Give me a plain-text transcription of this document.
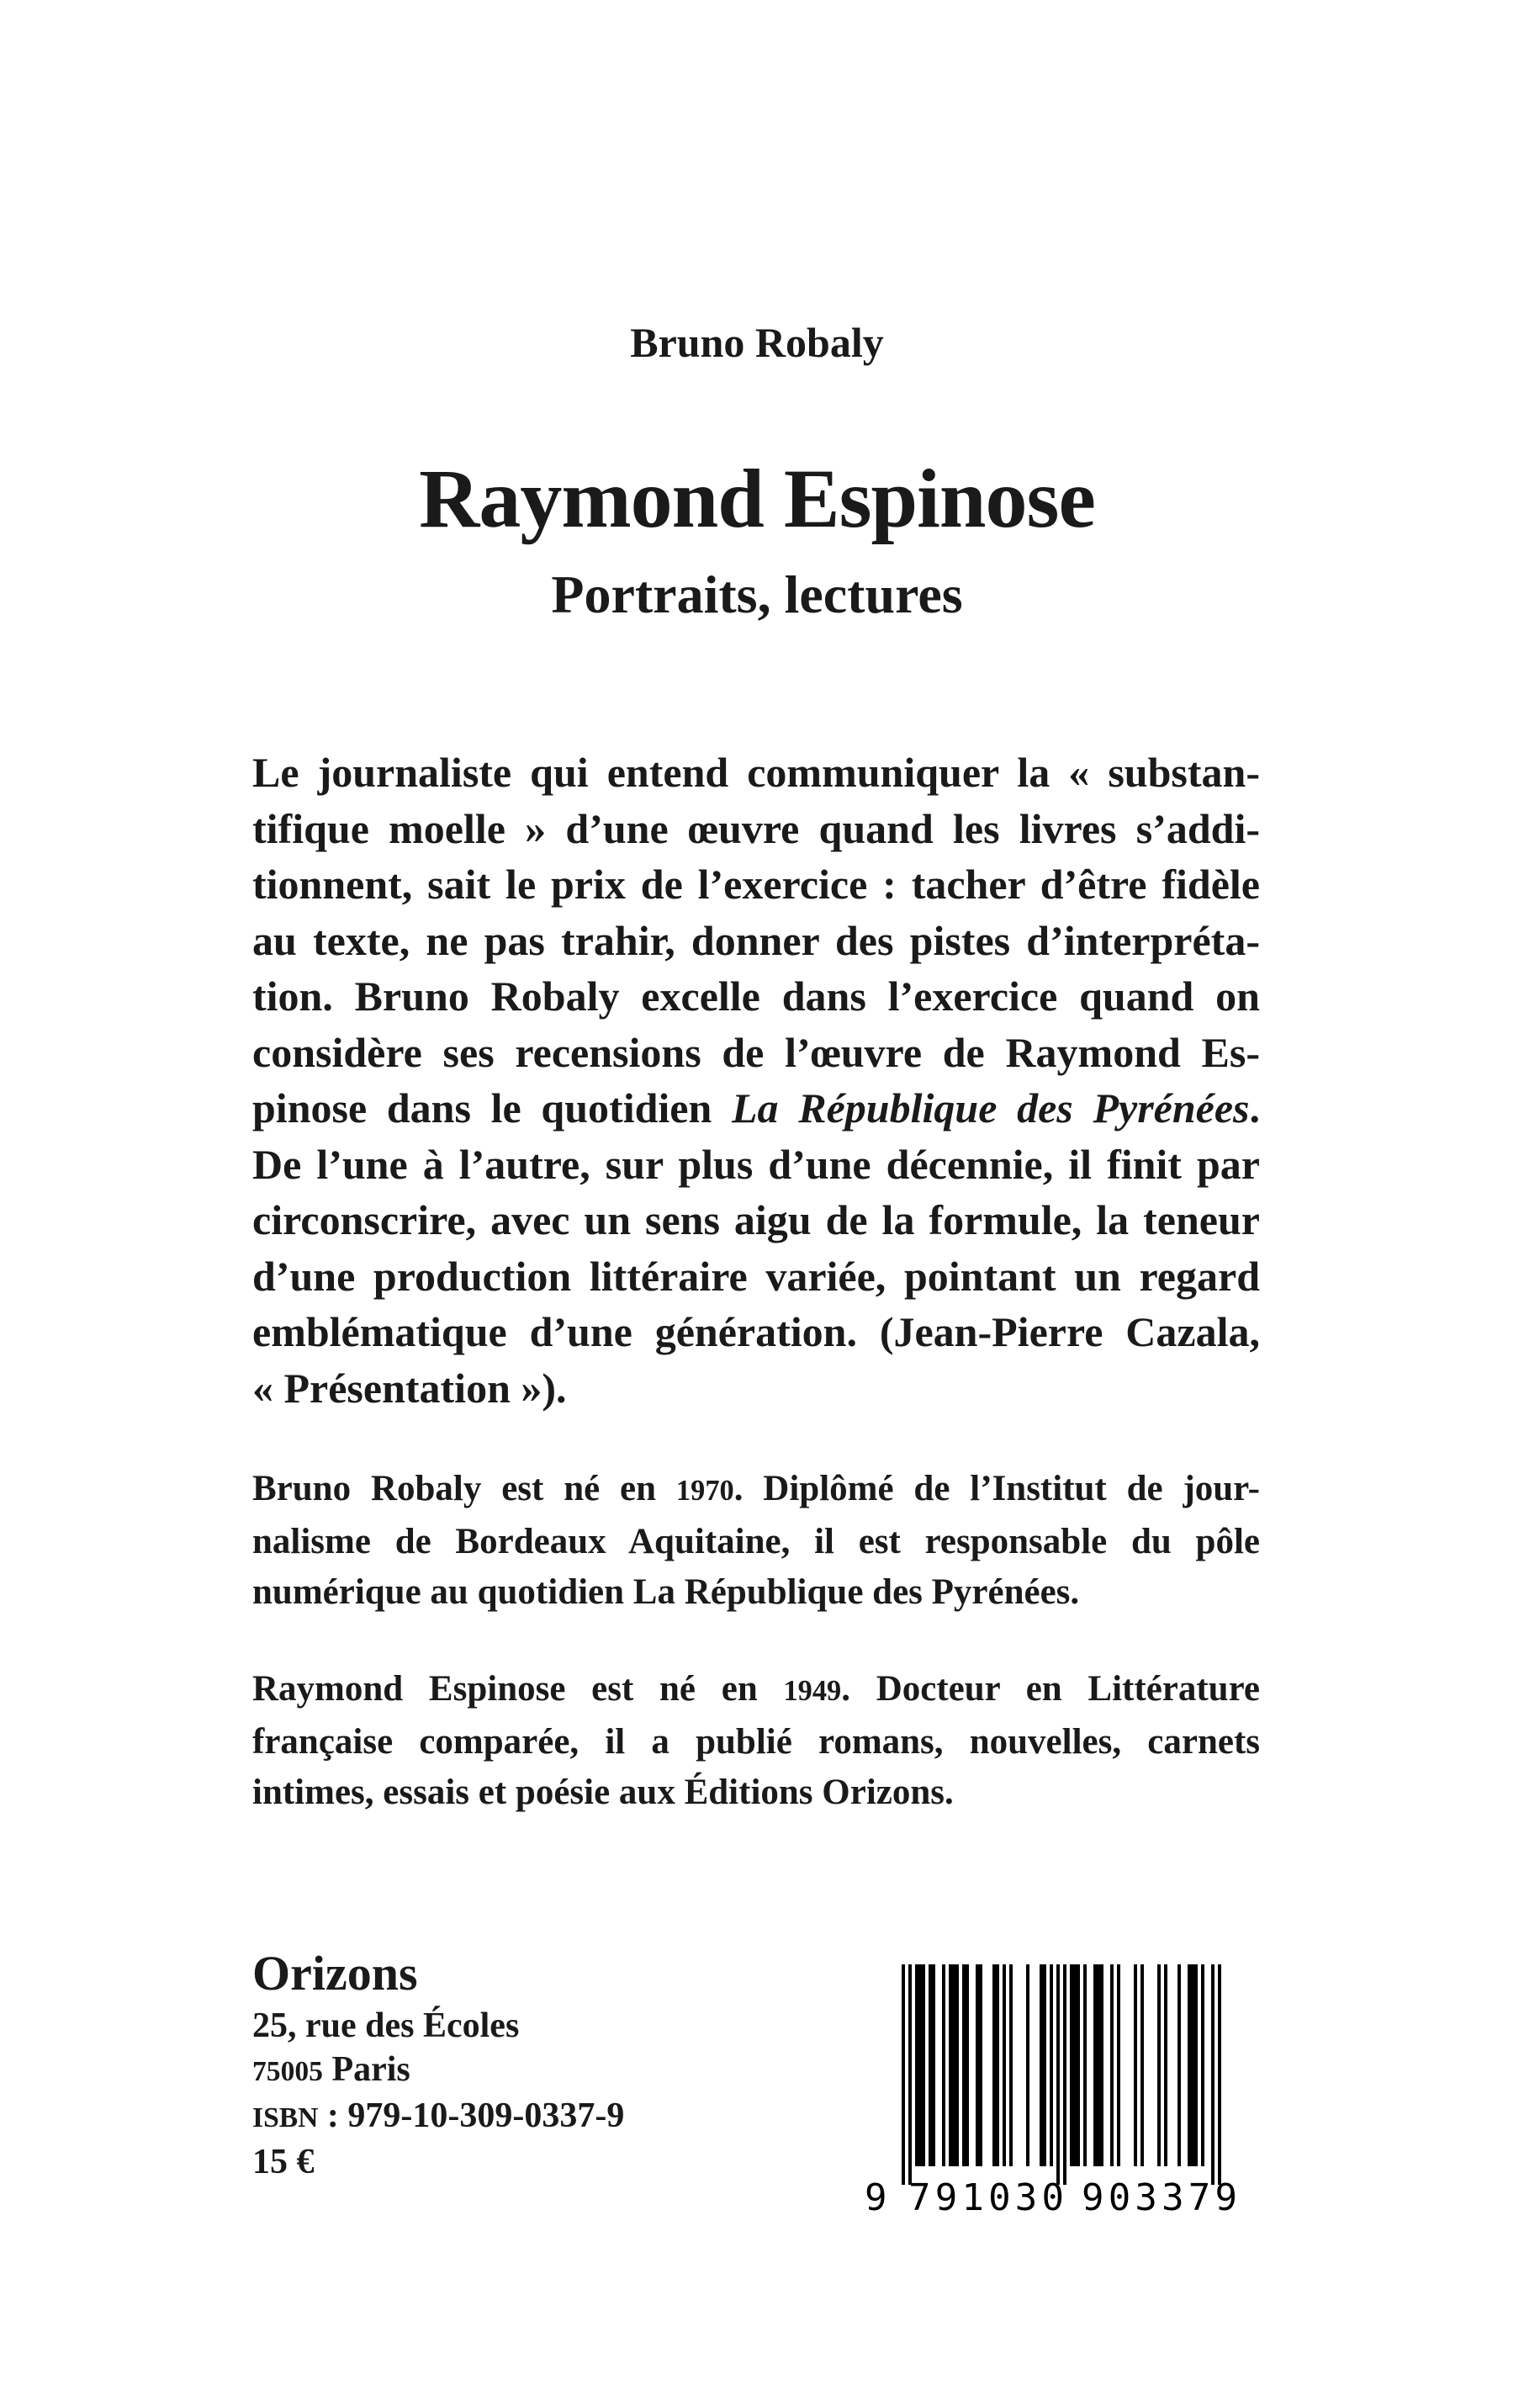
Bruno Robaly
Raymond Espinose
Portraits, lectures
Le journaliste qui entend communiquer la « substan-
tifique moelle » d’une œuvre quand les livres s’addi-
tionnent, sait le prix de l’exercice : tacher d’être fidèle
au texte, ne pas trahir, donner des pistes d’interpréta-
tion. Bruno Robaly excelle dans l’exercice quand on
considère ses recensions de l’œuvre de Raymond Es-
pinose dans le quotidien La République des Pyrénées.
De l’une à l’autre, sur plus d’une décennie, il finit par
circonscrire, avec un sens aigu de la formule, la teneur
d’une production littéraire variée, pointant un regard
emblématique d’une génération. (Jean-Pierre Cazala,
« Présentation »).
Bruno Robaly est né en 1970. Diplômé de l’Institut de jour-
nalisme de Bordeaux Aquitaine, il est responsable du pôle
numérique au quotidien La République des Pyrénées.
Raymond Espinose est né en 1949. Docteur en Littérature
française comparée, il a publié romans, nouvelles, carnets
intimes, essais et poésie aux Éditions Orizons.
Orizons
25, rue des Écoles
75005 Paris
ISBN : 979-10-309-0337-9
15 €
9 791030 903379
